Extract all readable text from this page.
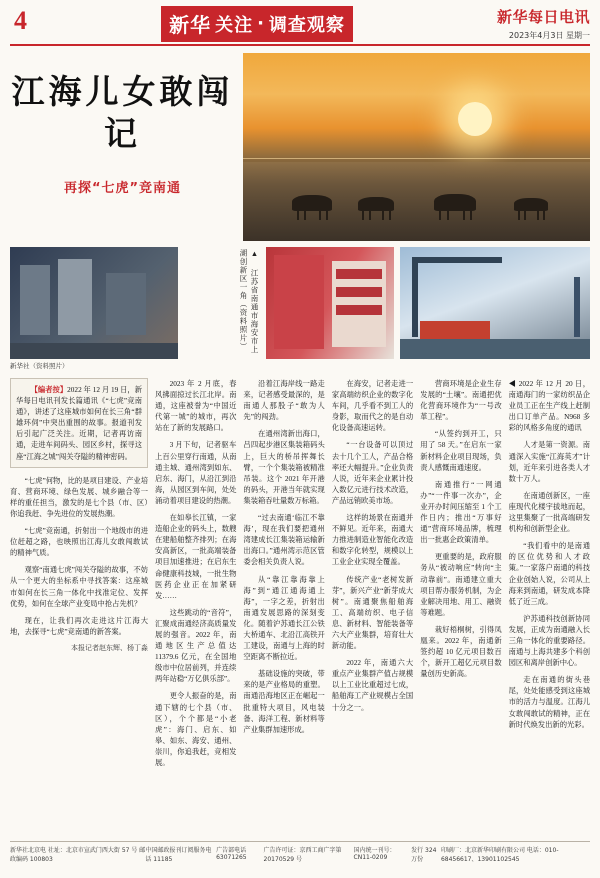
4	新华 关注 · 调查观察	新华每日电讯
2023年4月3日 星期一
江海儿女敢闯记
再探“七虎”竞南通
▲ 江苏省南通市海安市上湖创新区一角（资料照片）
新华社（资料照片）

【编者按】2022 年 12 月 19 日，新华每日电讯刊发长篇通讯《“七虎”竞南通》，讲述了这座城市如何在长三角“群雄环伺”中突出重围的故事。报道刊发后引起广泛关注。近期，记者再访南通，走进车间码头、园区乡村，探寻这座“江海之城”闯关夺隘的精神密码。

“七虎”何物，比的是项目建设、产业培育、营商环境、绿色发展、城乡融合等一样的重任担当，激发的是七个县（市、区）你追我赶、争先进位的发展热潮。

“七虎”竞南通，折射出一个地级市的进位赶超之路，也映照出江海儿女敢闯敢试的精神气质。

观察“南通七虎”闯关夺隘的故事，不妨从一个更大的坐标系中寻找答案：这座城市如何在长三角一体化中找准定位、发挥优势，如何在全球产业变局中抢占先机？

现在，让我们再次走进这片江海大地，去探寻“七虎”竞南通的新答案。

本报记者赵东辉、杨丁淼

2023 年 2 月底，春风拂面掠过长江北岸。南通，这座被誉为“中国近代第一城”的城市，再次站在了新的发展路口。

3 月下旬，记者驱车上百公里穿行南通，从南通主城、通州湾到如东、启东、海门，从沿江到沿海，从园区到车间，处处涌动着项目建设的热潮。

在如皋长江镇，一家造船企业的码头上，数艘在建船舶整齐排列；在海安高新区，一批高端装备项目加速推进；在启东生命健康科技城，一批生物医药企业正在加紧研发……

这些跳动的“音符”，汇聚成南通经济高质量发展的强音。2022 年，南通地区生产总值达 11379.6 亿元，在全国地级市中位居前列，并连续两年站稳“万亿俱乐部”。

更令人振奋的是，南通下辖的七个县（市、区），个个都是“小老虎”：海门、启东、如皋、如东、海安、通州、崇川，你追我赶，竞相发展。

沿着江海岸线一路走来，记者感受最深的，是南通人那股子“敢为人先”的闯劲。

在通州湾新出海口，吕四起步港区集装箱码头上，巨大的桥吊挥舞长臂，一个个集装箱被精准吊装。这个 2021 年开港的码头，开港当年就实现集装箱吞吐量数万标箱。

“过去南通‘临江不靠海’，现在我们要把通州湾建成长江集装箱运输新出海口。”通州湾示范区管委会相关负责人说。

从“靠江靠海靠上海”到“通江通海通上海”，一字之差，折射出南通发展思路的深刻变化。随着沪苏通长江公铁大桥通车、北沿江高铁开工建设，南通与上海的时空距离不断拉近。

基础设施的突破，带来的是产业格局的重塑。南通沿海地区正在崛起一批重特大项目，风电装备、海洋工程、新材料等产业集群加速形成。

在海安，记者走进一家高端纺织企业的数字化车间，几乎看不到工人的身影，取而代之的是自动化设备高速运转。

“一台设备可以顶过去十几个工人，产品合格率还大幅提升。”企业负责人说，近年来企业累计投入数亿元进行技术改造，产品远销欧美市场。

这样的场景在南通并不鲜见。近年来，南通大力推进制造业智能化改造和数字化转型，规模以上工业企业实现全覆盖。

传统产业“老树发新芽”，新兴产业“新芽成大树”。南通聚焦船舶海工、高端纺织、电子信息、新材料、智能装备等六大产业集群，培育壮大新动能。

2022 年，南通六大重点产业集群产值占规模以上工业比重超过七成，船舶海工产业规模占全国十分之一。

营商环境是企业生存发展的“土壤”。南通把优化营商环境作为“一号改革工程”。

“从签约到开工，只用了 58 天。”在启东一家新材料企业项目现场，负责人感慨南通速度。

南通推行“一网通办”“一件事一次办”，企业开办时间压缩至 1 个工作日内；推出“万事好通”营商环境品牌，梳理出一批惠企政策清单。

更重要的是，政府服务从“被动响应”转向“主动靠前”。南通建立重大项目帮办服务机制，为企业解决用地、用工、融资等难题。

栽好梧桐树，引得凤凰来。2022 年，南通新签约超 10 亿元项目数百个，新开工超亿元项目数量创历史新高。

◀ 2022 年 12 月 20 日，南通海门的一家纺织品企业员工正在生产线上赶制出口订单产品。N968 多彩的风格多角度的通讯

人才是第一资源。南通深入实施“江海英才”计划，近年来引进各类人才数十万人。

在南通创新区，一座座现代化楼宇拔地而起，这里集聚了一批高端研发机构和创新型企业。

“我们看中的是南通的区位优势和人才政策。”一家落户南通的科技企业创始人说，公司从上海来到南通，研发成本降低了近三成。

沪苏通科技创新协同发展，正成为南通融入长三角一体化的重要路径。南通与上海共建多个科创园区和离岸创新中心。

走在南通的街头巷尾，处处能感受到这座城市的活力与温度。江海儿女敢闯敢试的精神，正在新时代焕发出新的光彩。

新华社北京电 社址：北京市宣武门西大街 57 号 邮政编码 100803
中国邮政报刊订阅服务电话 11185
广告部电话 63071265
广告许可证：京西工商广字第 20170529 号
国内统一刊号：CN11-0209
发行 324 万份
印刷厂：北京新华印刷有限公司 电话：010-68456617、13901102545
